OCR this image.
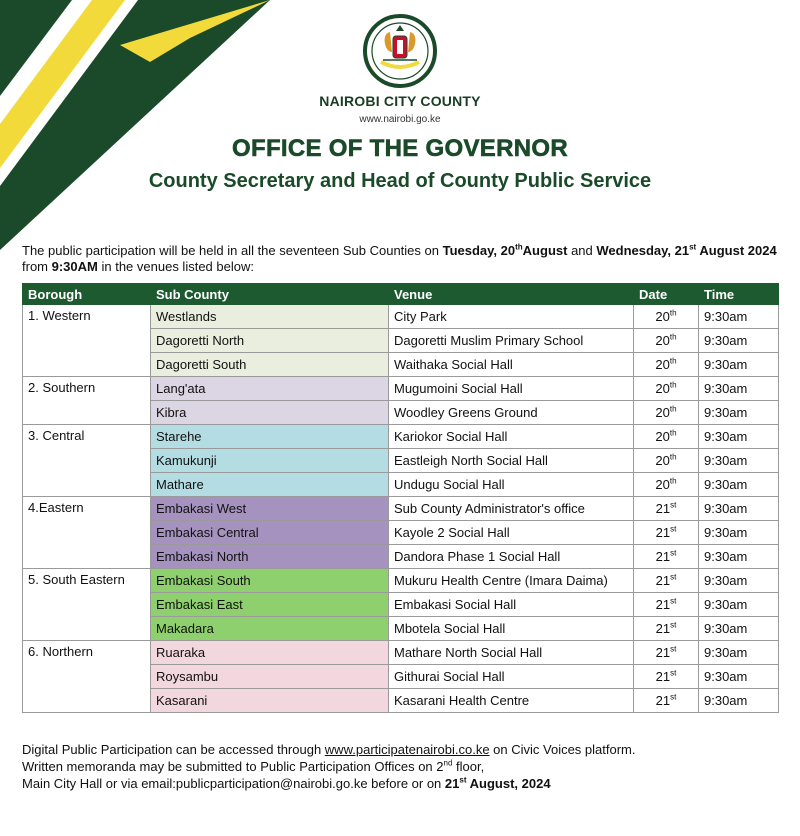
NAIROBI CITY COUNTY
www.nairobi.go.ke
OFFICE OF THE GOVERNOR
County Secretary and Head of County Public Service
The public participation will be held in all the seventeen Sub Counties on Tuesday, 20thAugust and Wednesday, 21st August 2024 from 9:30AM in the venues listed below:
Borough	Sub County	Venue	Date	Time
1. Western	Westlands	City Park	20th	9:30am
	Dagoretti North	Dagoretti Muslim Primary School	20th	9:30am
	Dagoretti South	Waithaka Social Hall	20th	9:30am
2. Southern	Lang'ata	Mugumoini Social Hall	20th	9:30am
	Kibra	Woodley Greens Ground	20th	9:30am
3. Central	Starehe	Kariokor Social Hall	20th	9:30am
	Kamukunji	Eastleigh North Social Hall	20th	9:30am
	Mathare	Undugu Social Hall	20th	9:30am
4.Eastern	Embakasi West	Sub County Administrator's office	21st	9:30am
	Embakasi Central	Kayole 2 Social Hall	21st	9:30am
	Embakasi North	Dandora Phase 1 Social Hall	21st	9:30am
5. South Eastern	Embakasi South	Mukuru Health Centre (Imara Daima)	21st	9:30am
	Embakasi East	Embakasi Social Hall	21st	9:30am
	Makadara	Mbotela Social Hall	21st	9:30am
6. Northern	Ruaraka	Mathare North Social Hall	21st	9:30am
	Roysambu	Githurai Social Hall	21st	9:30am
	Kasarani	Kasarani Health Centre	21st	9:30am
Digital Public Participation can be accessed through www.participatenairobi.co.ke on Civic Voices platform.
Written memoranda may be submitted to Public Participation Offices on 2nd floor,
Main City Hall or via email:publicparticipation@nairobi.go.ke before or on 21st August, 2024
